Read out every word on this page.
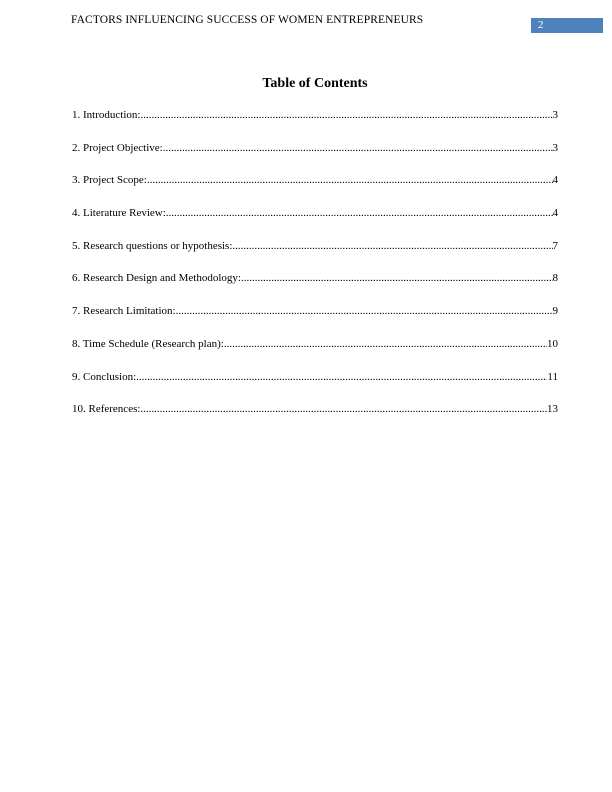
FACTORS INFLUENCING SUCCESS OF WOMEN ENTREPRENEURS	2
Table of Contents
1. Introduction: .....	3
2. Project Objective: .....	3
3. Project Scope: .....	4
4. Literature Review: .....	4
5. Research questions or hypothesis: .....	7
6. Research Design and Methodology: .....	8
7. Research Limitation: .....	9
8. Time Schedule (Research plan): .....	10
9. Conclusion: .....	11
10. References: .....	13
